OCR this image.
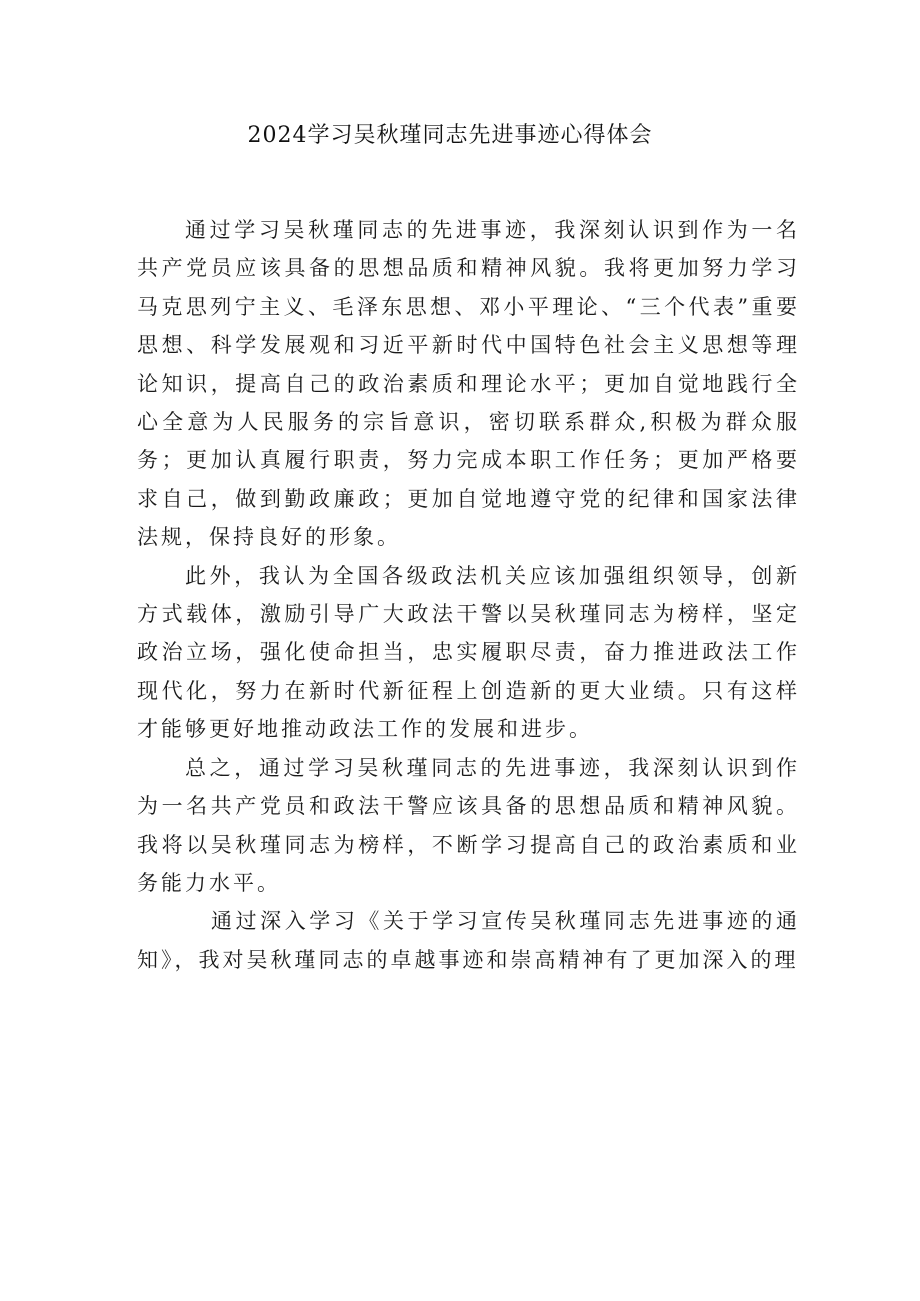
2024学习吴秋瑾同志先进事迹心得体会

通过学习吴秋瑾同志的先进事迹，我深刻认识到作为一名共产党员应该具备的思想品质和精神风貌。我将更加努力学习马克思列宁主义、毛泽东思想、邓小平理论、“三个代表”重要思想、科学发展观和习近平新时代中国特色社会主义思想等理论知识，提高自己的政治素质和理论水平；更加自觉地践行全心全意为人民服务的宗旨意识，密切联系群众,积极为群众服务；更加认真履行职责，努力完成本职工作任务；更加严格要求自己，做到勤政廉政；更加自觉地遵守党的纪律和国家法律法规，保持良好的形象。

此外，我认为全国各级政法机关应该加强组织领导，创新方式载体，激励引导广大政法干警以吴秋瑾同志为榜样，坚定政治立场，强化使命担当，忠实履职尽责，奋力推进政法工作现代化，努力在新时代新征程上创造新的更大业绩。只有这样才能够更好地推动政法工作的发展和进步。

总之，通过学习吴秋瑾同志的先进事迹，我深刻认识到作为一名共产党员和政法干警应该具备的思想品质和精神风貌。我将以吴秋瑾同志为榜样，不断学习提高自己的政治素质和业务能力水平。

通过深入学习《关于学习宣传吴秋瑾同志先进事迹的通知》，我对吴秋瑾同志的卓越事迹和崇高精神有了更加深入的理
